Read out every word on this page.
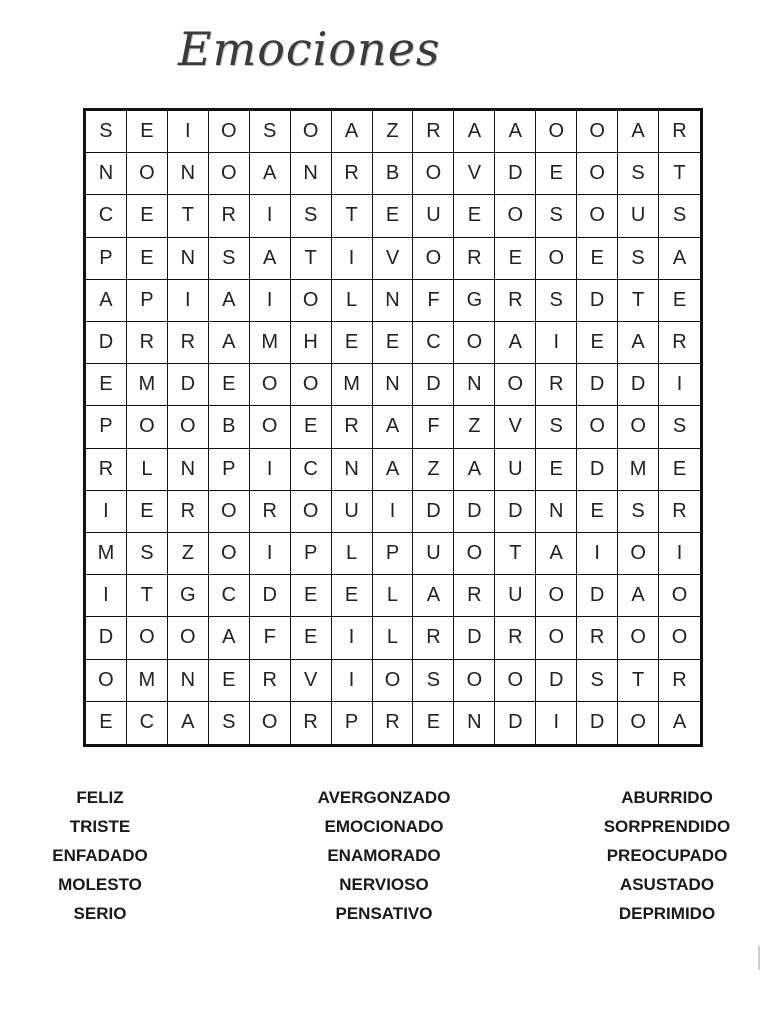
Emociones
S	E	I	O	S	O	A	Z	R	A	A	O	O	A	R
N	O	N	O	A	N	R	B	O	V	D	E	O	S	T
C	E	T	R	I	S	T	E	U	E	O	S	O	U	S
P	E	N	S	A	T	I	V	O	R	E	O	E	S	A
A	P	I	A	I	O	L	N	F	G	R	S	D	T	E
D	R	R	A	M	H	E	E	C	O	A	I	E	A	R
E	M	D	E	O	O	M	N	D	N	O	R	D	D	I
P	O	O	B	O	E	R	A	F	Z	V	S	O	O	S
R	L	N	P	I	C	N	A	Z	A	U	E	D	M	E
I	E	R	O	R	O	U	I	D	D	D	N	E	S	R
M	S	Z	O	I	P	L	P	U	O	T	A	I	O	I
I	T	G	C	D	E	E	L	A	R	U	O	D	A	O
D	O	O	A	F	E	I	L	R	D	R	O	R	O	O
O	M	N	E	R	V	I	O	S	O	O	D	S	T	R
E	C	A	S	O	R	P	R	E	N	D	I	D	O	A
FELIZ
TRISTE
ENFADADO
MOLESTO
SERIO
AVERGONZADO
EMOCIONADO
ENAMORADO
NERVIOSO
PENSATIVO
ABURRIDO
SORPRENDIDO
PREOCUPADO
ASUSTADO
DEPRIMIDO
